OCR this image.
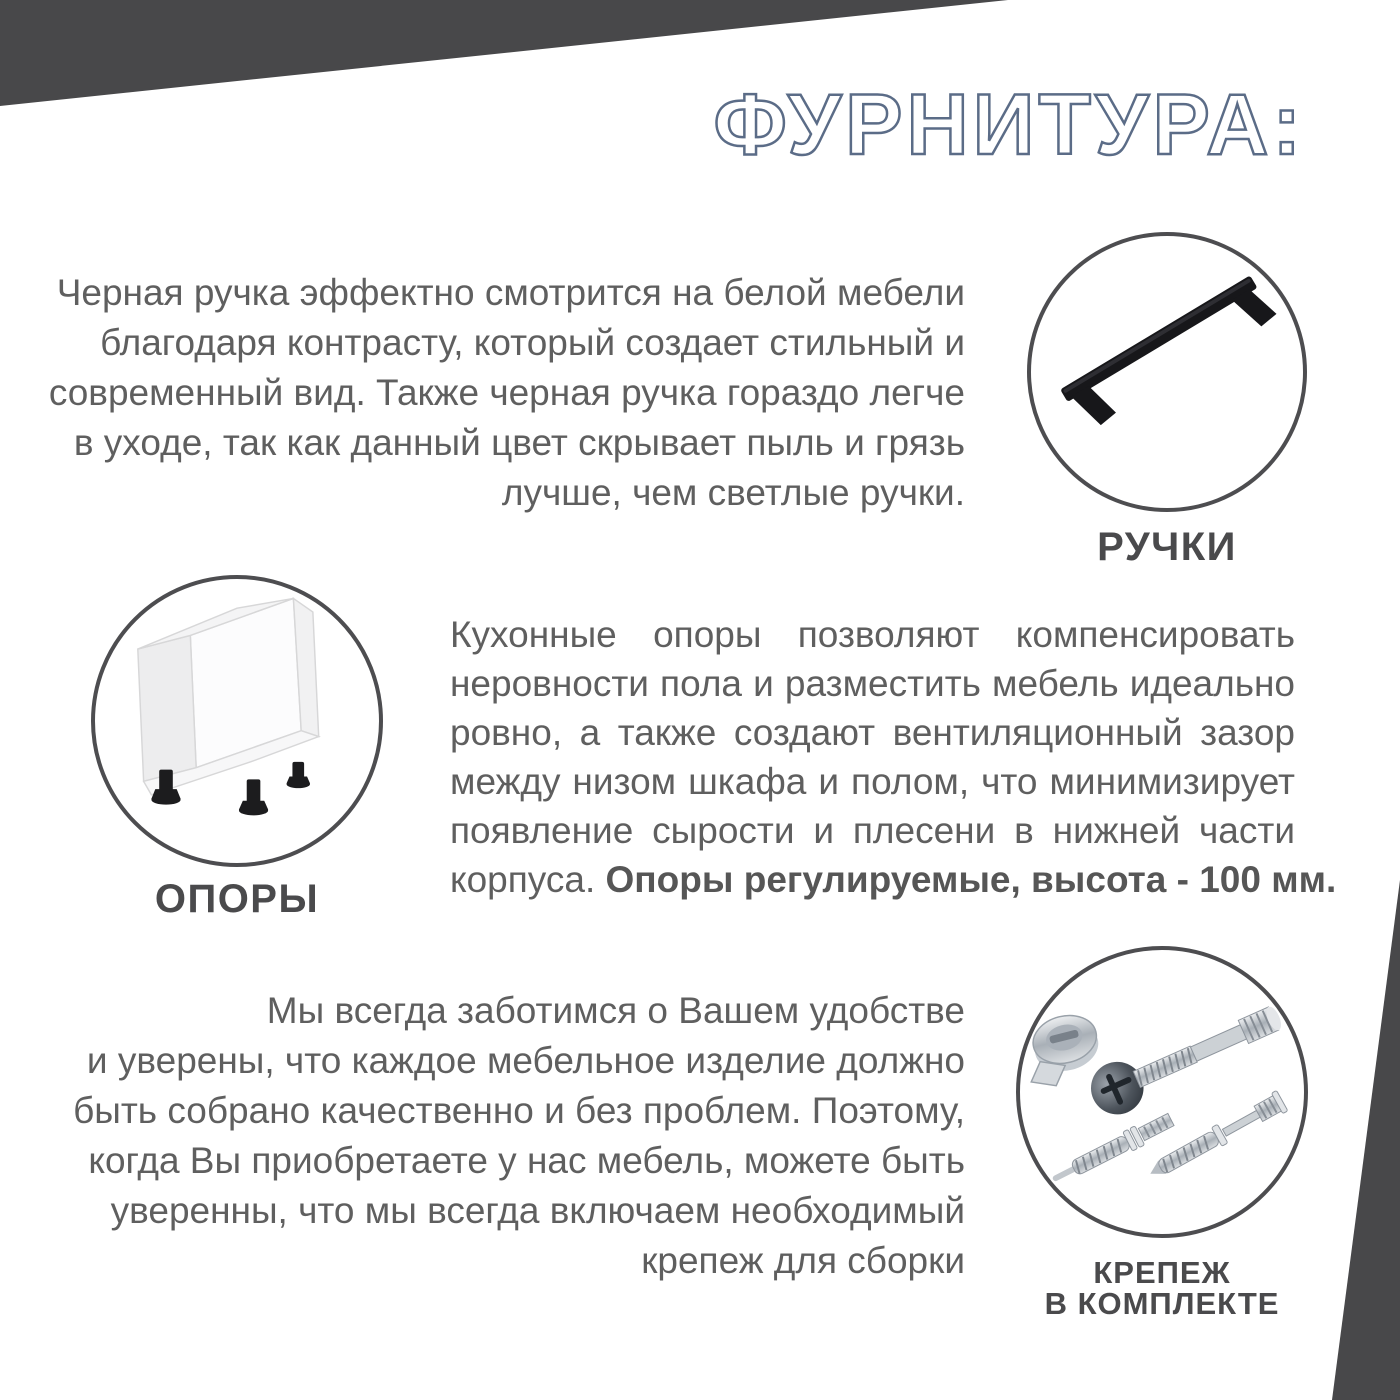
ФУРНИТУРА:
Черная ручка эффектно смотрится на белой мебели
благодаря контрасту, который создает стильный и
современный вид. Также черная ручка гораздо легче
в уходе, так как данный цвет скрывает пыль и грязь
лучше, чем светлые ручки.
РУЧКИ
ОПОРЫ
Кухонные опоры позволяют компенсировать
неровности пола и разместить мебель идеально
ровно, а также создают вентиляционный зазор
между низом шкафа и полом, что минимизирует
появление сырости и плесени в нижней части
корпуса. Опоры регулируемые, высота - 100 мм.
Мы всегда заботимся о Вашем удобстве
и уверены, что каждое мебельное изделие должно
быть собрано качественно и без проблем. Поэтому,
когда Вы приобретаете у нас мебель, можете быть
уверенны, что мы всегда включаем необходимый
крепеж для сборки	КРЕПЕЖ
В КОМПЛЕКТЕ
